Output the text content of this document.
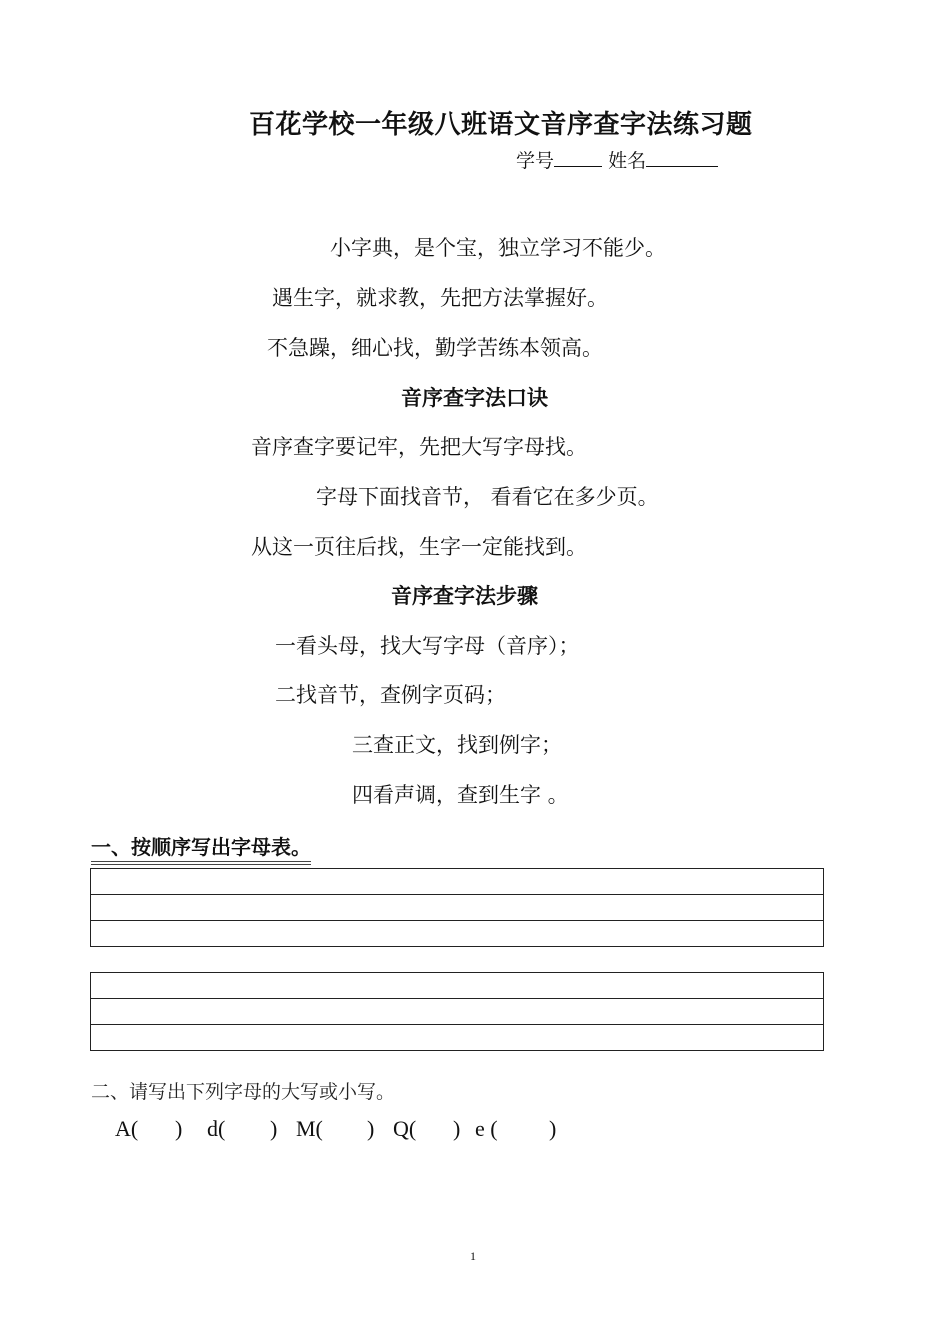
百花学校一年级八班语文音序查字法练习题
学号	姓名
小字典，是个宝，独立学习不能少。
遇生字，就求教，先把方法掌握好。
不急躁，细心找，勤学苦练本领高。
音序查字法口诀
音序查字要记牢，先把大写字母找。
字母下面找音节， 看看它在多少页。
从这一页往后找，生字一定能找到。
音序查字法步骤
一看头母，找大写字母（音序）；
二找音节，查例字页码；
三查正文，找到例字；
四看声调，查到生字 。
一、按顺序写出字母表。
二、请写出下列字母的大写或小写。
A( ) d( ) M( ) Q( ) e ( )
1
